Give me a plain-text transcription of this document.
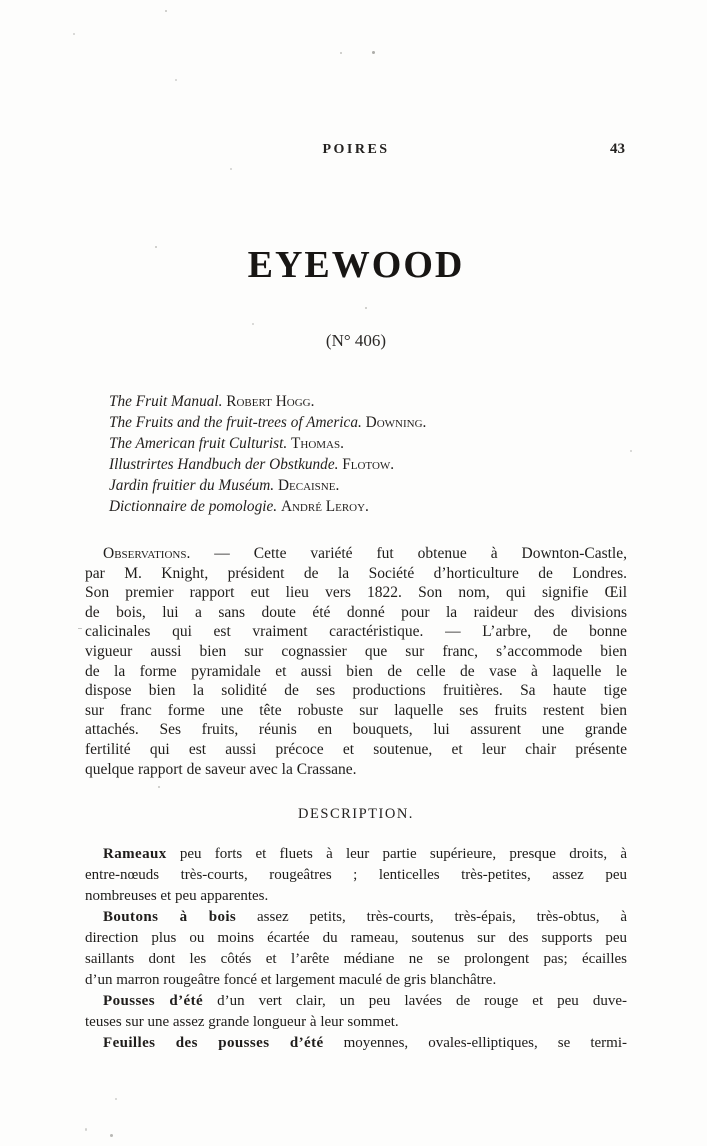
POIRES	43
EYEWOOD
(N° 406)
The Fruit Manual. Robert Hogg.
The Fruits and the fruit-trees of America. Downing.
The American fruit Culturist. Thomas.
Illustrirtes Handbuch der Obstkunde. Flotow.
Jardin fruitier du Muséum. Decaisne.
Dictionnaire de pomologie. André Leroy.
Observations. — Cette variété fut obtenue à Downton-Castle,
par M. Knight, président de la Société d’horticulture de Londres.
Son premier rapport eut lieu vers 1822. Son nom, qui signifie Œil
de bois, lui a sans doute été donné pour la raideur des divisions
calicinales qui est vraiment caractéristique. — L’arbre, de bonne
vigueur aussi bien sur cognassier que sur franc, s’accommode bien
de la forme pyramidale et aussi bien de celle de vase à laquelle le
dispose bien la solidité de ses productions fruitières. Sa haute tige
sur franc forme une tête robuste sur laquelle ses fruits restent bien
attachés. Ses fruits, réunis en bouquets, lui assurent une grande
fertilité qui est aussi précoce et soutenue, et leur chair présente
quelque rapport de saveur avec la Crassane.
DESCRIPTION.
Rameaux peu forts et fluets à leur partie supérieure, presque droits, à
entre-nœuds très-courts, rougeâtres ; lenticelles très-petites, assez peu
nombreuses et peu apparentes.
Boutons à bois assez petits, très-courts, très-épais, très-obtus, à
direction plus ou moins écartée du rameau, soutenus sur des supports peu
saillants dont les côtés et l’arête médiane ne se prolongent pas; écailles
d’un marron rougeâtre foncé et largement maculé de gris blanchâtre.
Pousses d’été d’un vert clair, un peu lavées de rouge et peu duve-
teuses sur une assez grande longueur à leur sommet.
Feuilles des pousses d’été moyennes, ovales-elliptiques, se termi-
